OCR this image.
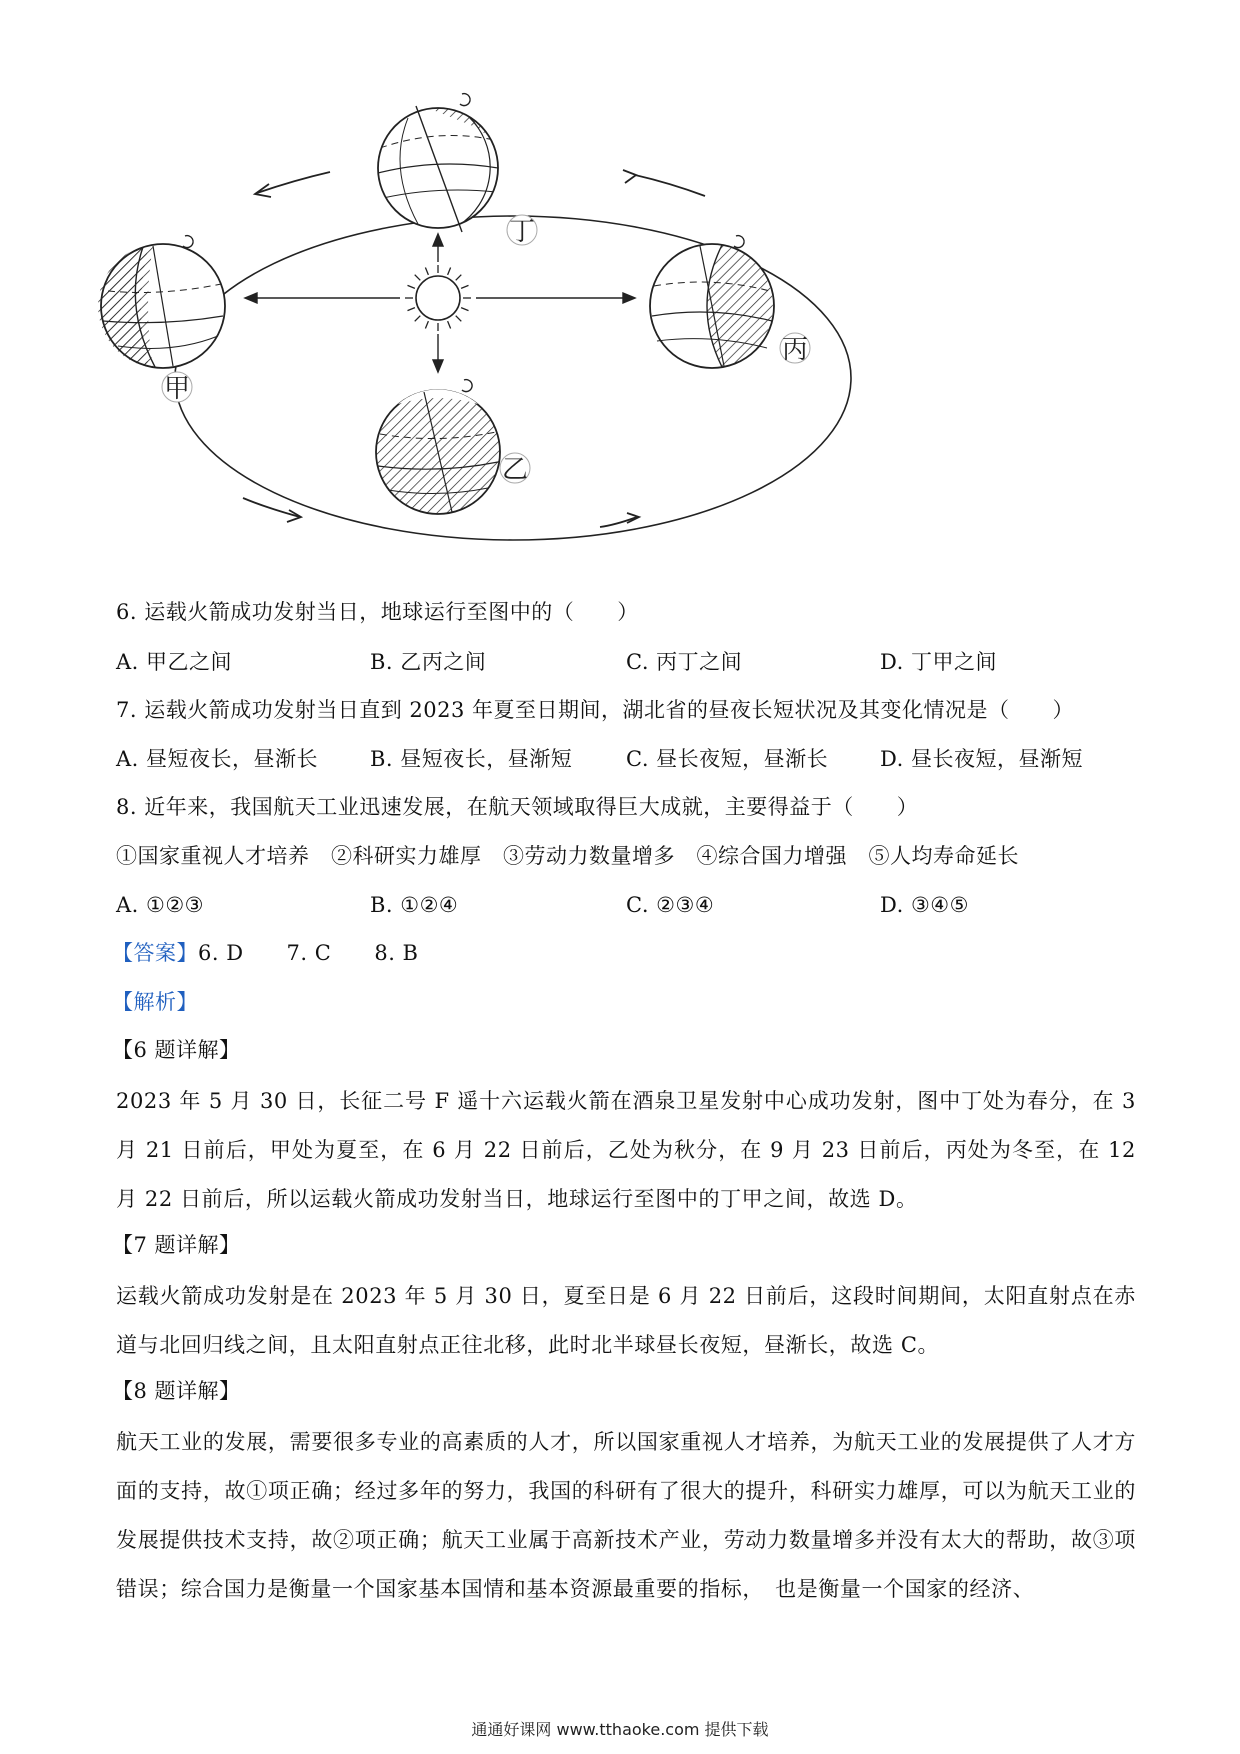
丁
甲
丙
乙
6. 运载火箭成功发射当日，地球运行至图中的（　　）
A. 甲乙之间	B. 乙丙之间	C. 丙丁之间	D. 丁甲之间
7. 运载火箭成功发射当日直到 2023 年夏至日期间，湖北省的昼夜长短状况及其变化情况是（　　）
A. 昼短夜长，昼渐长 B. 昼短夜长，昼渐短	C. 昼长夜短，昼渐长 D. 昼长夜短，昼渐短
8. 近年来，我国航天工业迅速发展，在航天领域取得巨大成就，主要得益于（　　）
①国家重视人才培养　②科研实力雄厚　③劳动力数量增多　④综合国力增强　⑤人均寿命延长
A. ①②③	B. ①②④	C. ②③④	D. ③④⑤
【答案】6. D　　7. C　　8. B
【解析】
【6 题详解】
2023 年 5 月 30 日，长征二号 F 遥十六运载火箭在酒泉卫星发射中心成功发射，图中丁处为春分，在 3 月 21 日前后，甲处为夏至，在 6 月 22 日前后，乙处为秋分，在 9 月 23 日前后，丙处为冬至，在 12 月 22 日前后，所以运载火箭成功发射当日，地球运行至图中的丁甲之间，故选 D。
【7 题详解】
运载火箭成功发射是在 2023 年 5 月 30 日，夏至日是 6 月 22 日前后，这段时间期间，太阳直射点在赤道与北回归线之间，且太阳直射点正往北移，此时北半球昼长夜短，昼渐长，故选 C。
【8 题详解】
航天工业的发展，需要很多专业的高素质的人才，所以国家重视人才培养，为航天工业的发展提供了人才方面的支持，故①项正确；经过多年的努力，我国的科研有了很大的提升，科研实力雄厚，可以为航天工业的发展提供技术支持，故②项正确；航天工业属于高新技术产业，劳动力数量增多并没有太大的帮助，故③项错误；综合国力是衡量一个国家基本国情和基本资源最重要的指标，　也是衡量一个国家的经济、
通通好课网 www.tthaoke.com 提供下载
